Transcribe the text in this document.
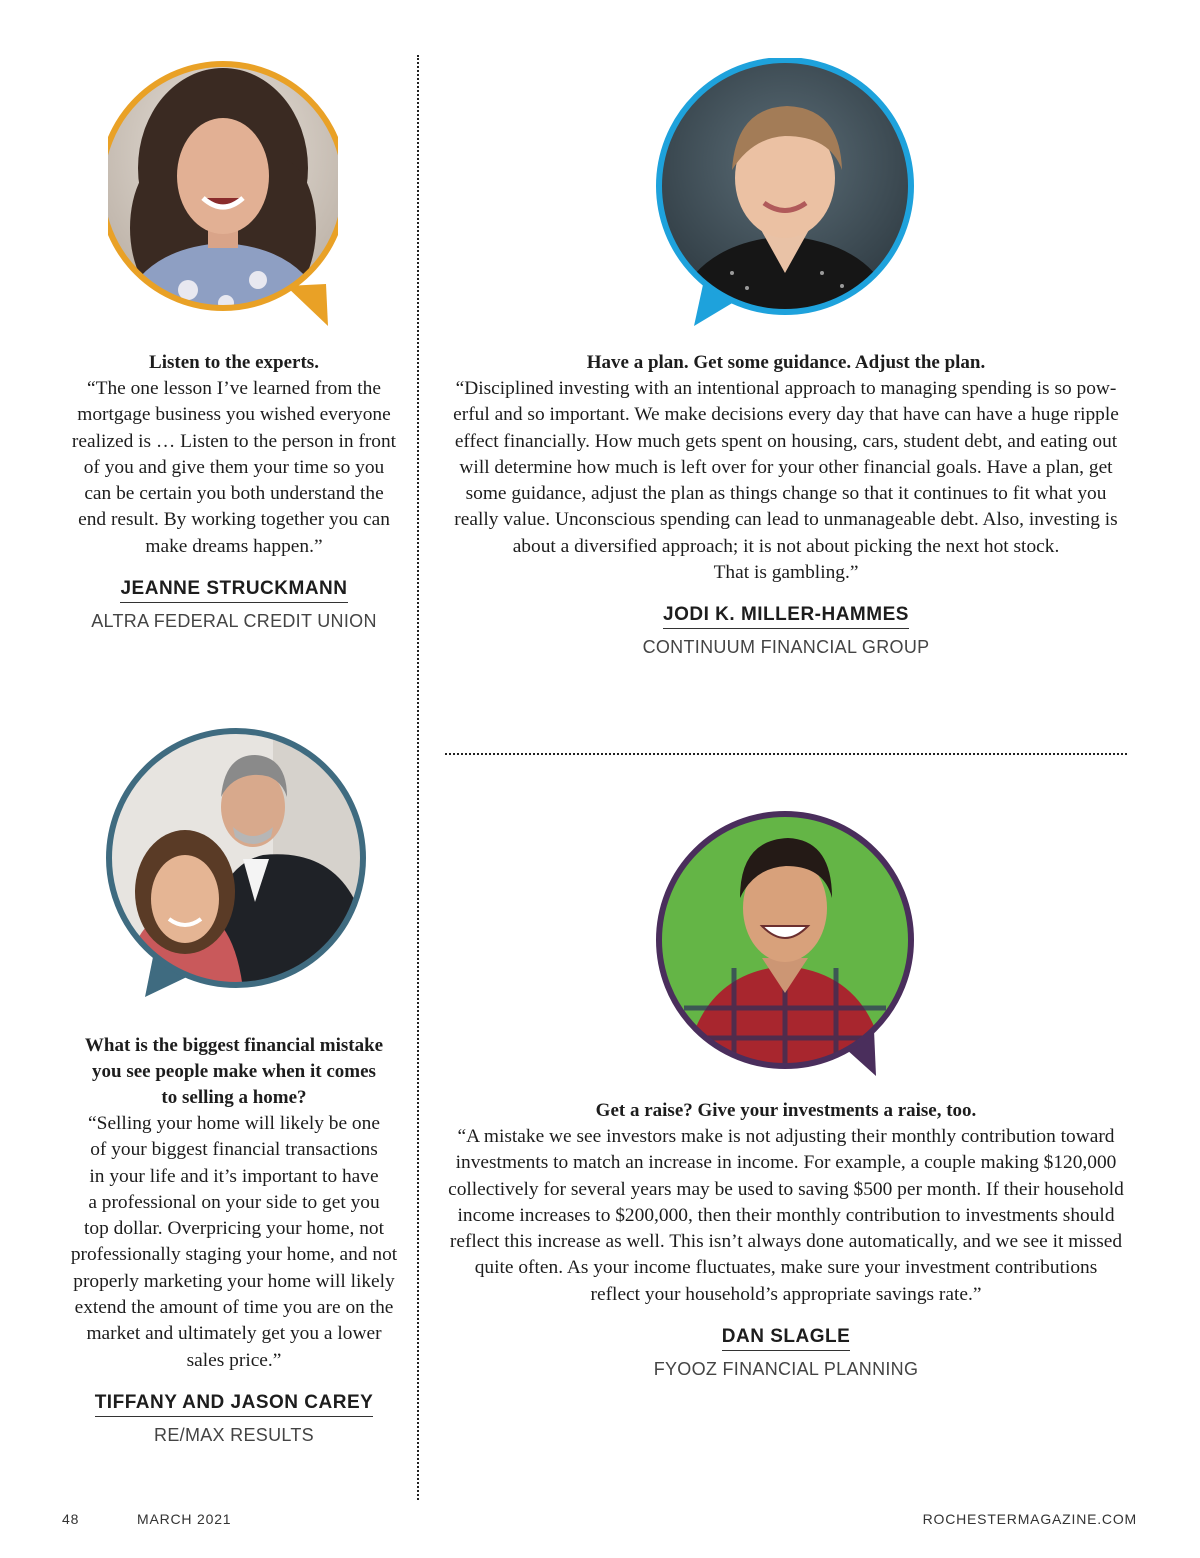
Listen to the experts.

“The one lesson I’ve learned from the
mortgage business you wished everyone
realized is … Listen to the person in front
of you and give them your time so you
can be certain you both understand the
end result. By working together you can
make dreams happen.”

JEANNE STRUCKMANN
ALTRA FEDERAL CREDIT UNION

Have a plan. Get some guidance. Adjust the plan.

“Disciplined investing with an intentional approach to managing spending is so pow-
erful and so important. We make decisions every day that have can have a huge ripple
effect financially. How much gets spent on housing, cars, student debt, and eating out
will determine how much is left over for your other financial goals. Have a plan, get
some guidance, adjust the plan as things change so that it continues to fit what you
really value. Unconscious spending can lead to unmanageable debt. Also, investing is
about a diversified approach; it is not about picking the next hot stock.
That is gambling.”

JODI K. MILLER-HAMMES
CONTINUUM FINANCIAL GROUP

What is the biggest financial mistake
you see people make when it comes
to selling a home?

“Selling your home will likely be one
of your biggest financial transactions
in your life and it’s important to have
a professional on your side to get you
top dollar. Overpricing your home, not
professionally staging your home, and not
properly marketing your home will likely
extend the amount of time you are on the
market and ultimately get you a lower
sales price.”

TIFFANY AND JASON CAREY
RE/MAX RESULTS

Get a raise? Give your investments a raise, too.

“A mistake we see investors make is not adjusting their monthly contribution toward
investments to match an increase in income. For example, a couple making $120,000
collectively for several years may be used to saving $500 per month. If their household
income increases to $200,000, then their monthly contribution to investments should
reflect this increase as well. This isn’t always done automatically, and we see it missed
quite often. As your income fluctuates, make sure your investment contributions
reflect your household’s appropriate savings rate.”

DAN SLAGLE
FYOOZ FINANCIAL PLANNING
48	MARCH 2021	ROCHESTERMAGAZINE.COM
